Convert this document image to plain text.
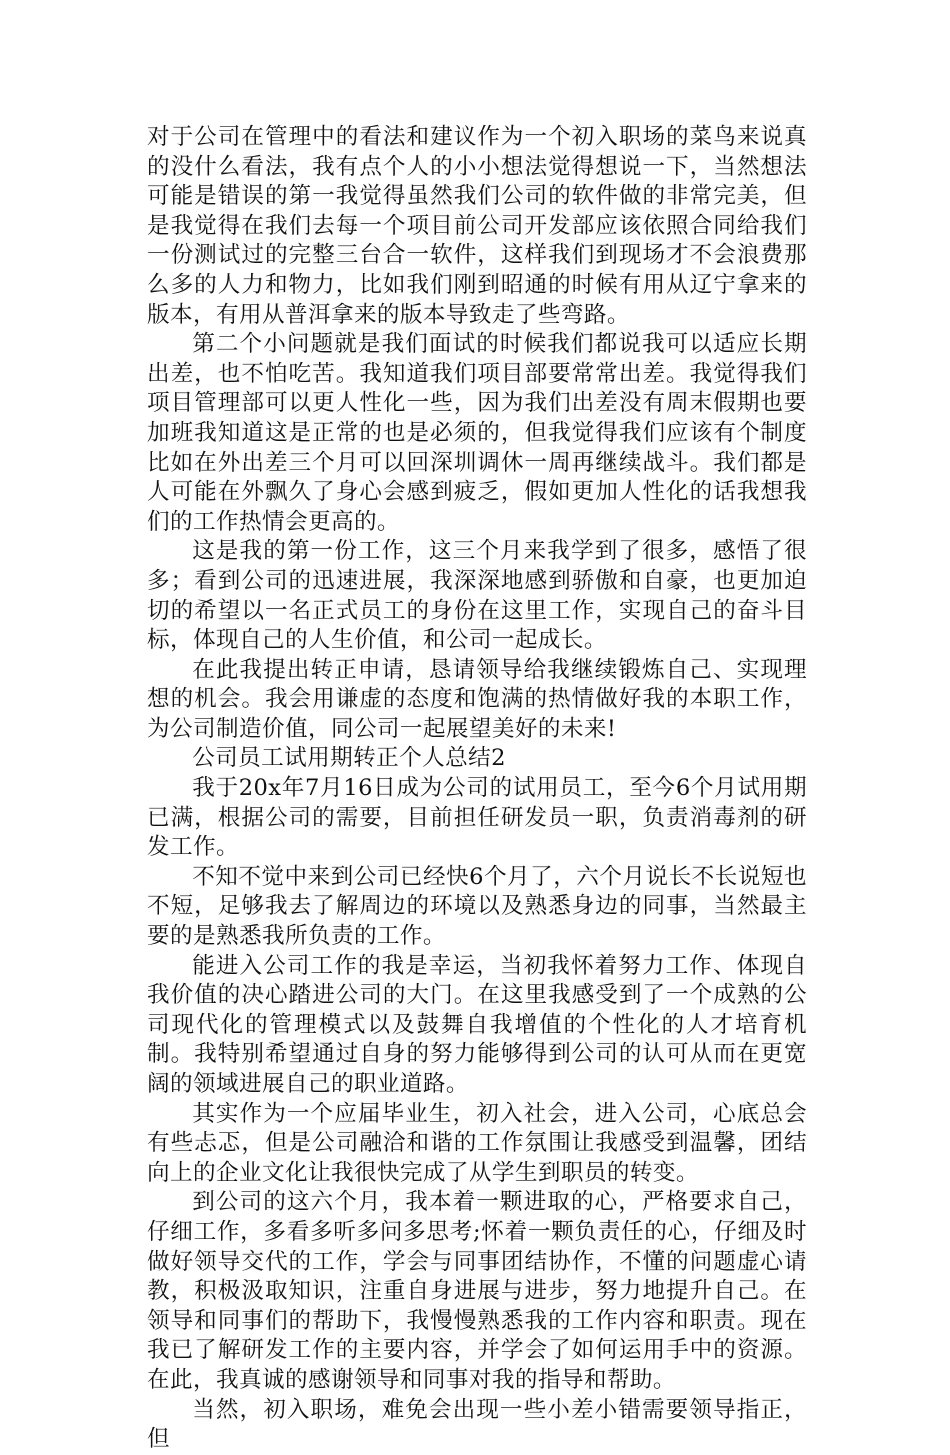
对于公司在管理中的看法和建议作为一个初入职场的菜鸟来说真的没什么看法，我有点个人的小小想法觉得想说一下，当然想法可能是错误的第一我觉得虽然我们公司的软件做的非常完美，但是我觉得在我们去每一个项目前公司开发部应该依照合同给我们一份测试过的完整三台合一软件，这样我们到现场才不会浪费那么多的人力和物力，比如我们刚到昭通的时候有用从辽宁拿来的版本，有用从普洱拿来的版本导致走了些弯路。

第二个小问题就是我们面试的时候我们都说我可以适应长期出差，也不怕吃苦。我知道我们项目部要常常出差。我觉得我们项目管理部可以更人性化一些，因为我们出差没有周末假期也要加班我知道这是正常的也是必须的，但我觉得我们应该有个制度比如在外出差三个月可以回深圳调休一周再继续战斗。我们都是人可能在外飘久了身心会感到疲乏，假如更加人性化的话我想我们的工作热情会更高的。

这是我的第一份工作，这三个月来我学到了很多，感悟了很多；看到公司的迅速进展，我深深地感到骄傲和自豪，也更加迫切的希望以一名正式员工的身份在这里工作，实现自己的奋斗目标，体现自己的人生价值，和公司一起成长。

在此我提出转正申请，恳请领导给我继续锻炼自己、实现理想的机会。我会用谦虚的态度和饱满的热情做好我的本职工作，为公司制造价值，同公司一起展望美好的未来!

公司员工试用期转正个人总结2

我于20x年7月16日成为公司的试用员工，至今6个月试用期已满，根据公司的需要，目前担任研发员一职，负责消毒剂的研发工作。

不知不觉中来到公司已经快6个月了，六个月说长不长说短也不短，足够我去了解周边的环境以及熟悉身边的同事，当然最主要的是熟悉我所负责的工作。

能进入公司工作的我是幸运，当初我怀着努力工作、体现自我价值的决心踏进公司的大门。在这里我感受到了一个成熟的公司现代化的管理模式以及鼓舞自我增值的个性化的人才培育机制。我特别希望通过自身的努力能够得到公司的认可从而在更宽阔的领域进展自己的职业道路。

其实作为一个应届毕业生，初入社会，进入公司，心底总会有些忐忑，但是公司融洽和谐的工作氛围让我感受到温馨，团结向上的企业文化让我很快完成了从学生到职员的转变。

到公司的这六个月，我本着一颗进取的心，严格要求自己，仔细工作，多看多听多问多思考;怀着一颗负责任的心，仔细及时做好领导交代的工作，学会与同事团结协作，不懂的问题虚心请教，积极汲取知识，注重自身进展与进步，努力地提升自己。在领导和同事们的帮助下，我慢慢熟悉我的工作内容和职责。现在我已了解研发工作的主要内容，并学会了如何运用手中的资源。在此，我真诚的感谢领导和同事对我的指导和帮助。

当然，初入职场，难免会出现一些小差小错需要领导指正，但
